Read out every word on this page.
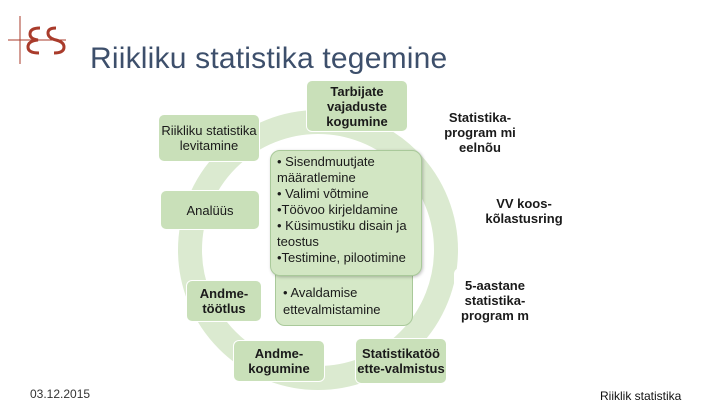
Riikliku statistika tegemine
Riikliku statistika levitamine
Tarbijate vajaduste kogumine	Statistika-program mi eelnõu
Analüüs	VV koos-kõlastusring
Andme-töötlus
5-aastane statistika-program m
Andme-kogumine
Statistikatöö ette-valmistus
• Avaldamise ettevalmistamine
• Sisendmuutjate määratlemine
• Valimi võtmine
•Töövoo kirjeldamine
• Küsimustiku disain ja teostus
•Testimine, pilootimine
03.12.2015	Riiklik statistika
